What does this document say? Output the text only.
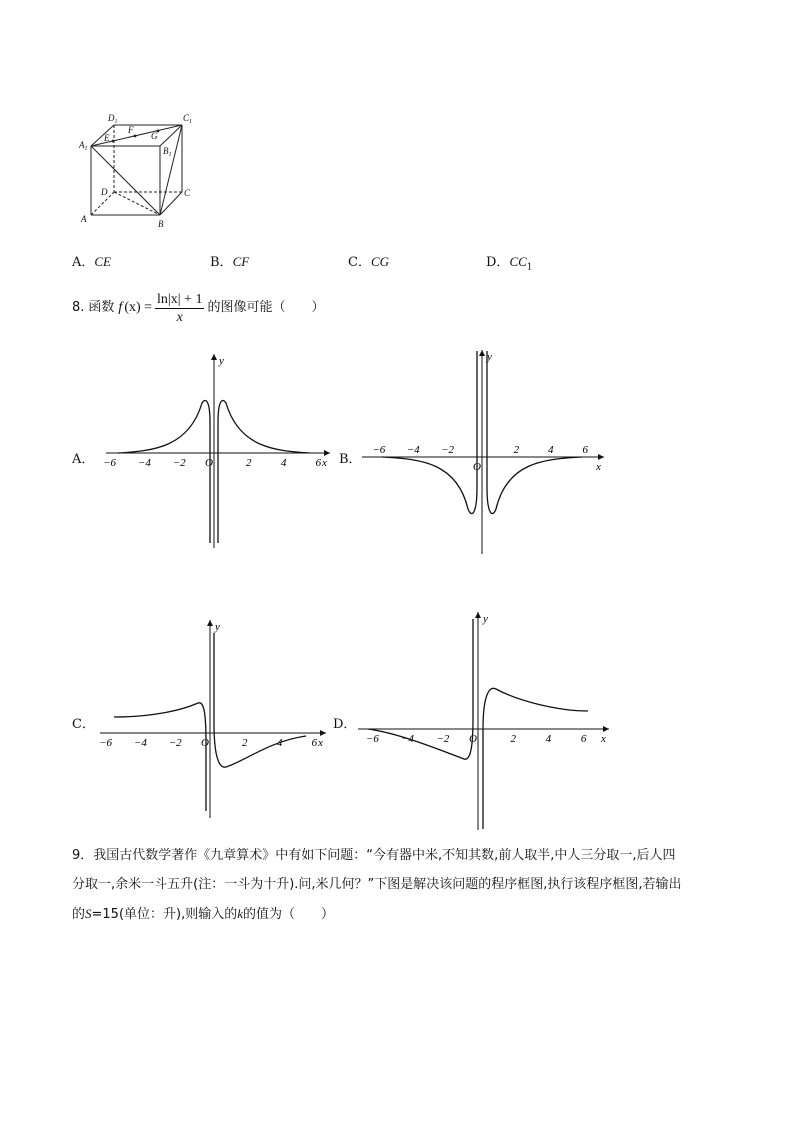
$D_1$	$C_1$
$A_1$	$B_1$
E
F
G
D	C
A	B
A．CE	B．CF	C．CG	D．$CC_1$
8. 函数 f $(x) = \frac{\ln|x| + 1}{x}$ 的图像可能（　　）
A．	B．
C．	D．
−6 −4 −2	2	4	6 x
y
O
−6 −4 −2	2	4	6
x
y
O
−6 −4 −2	2	4	6 x
y
O	−6 −4 −2	2	4	6 x
y
O
9．我国古代数学著作《九章算术》中有如下问题：“今有器中米,不知其数,前人取半,中人三分取一,后人四
分取一,余米一斗五升(注：一斗为十升).问,米几何？”下图是解决该问题的程序框图,执行该程序框图,若输出
的S=15(单位：升),则输入的k的值为（　　）
